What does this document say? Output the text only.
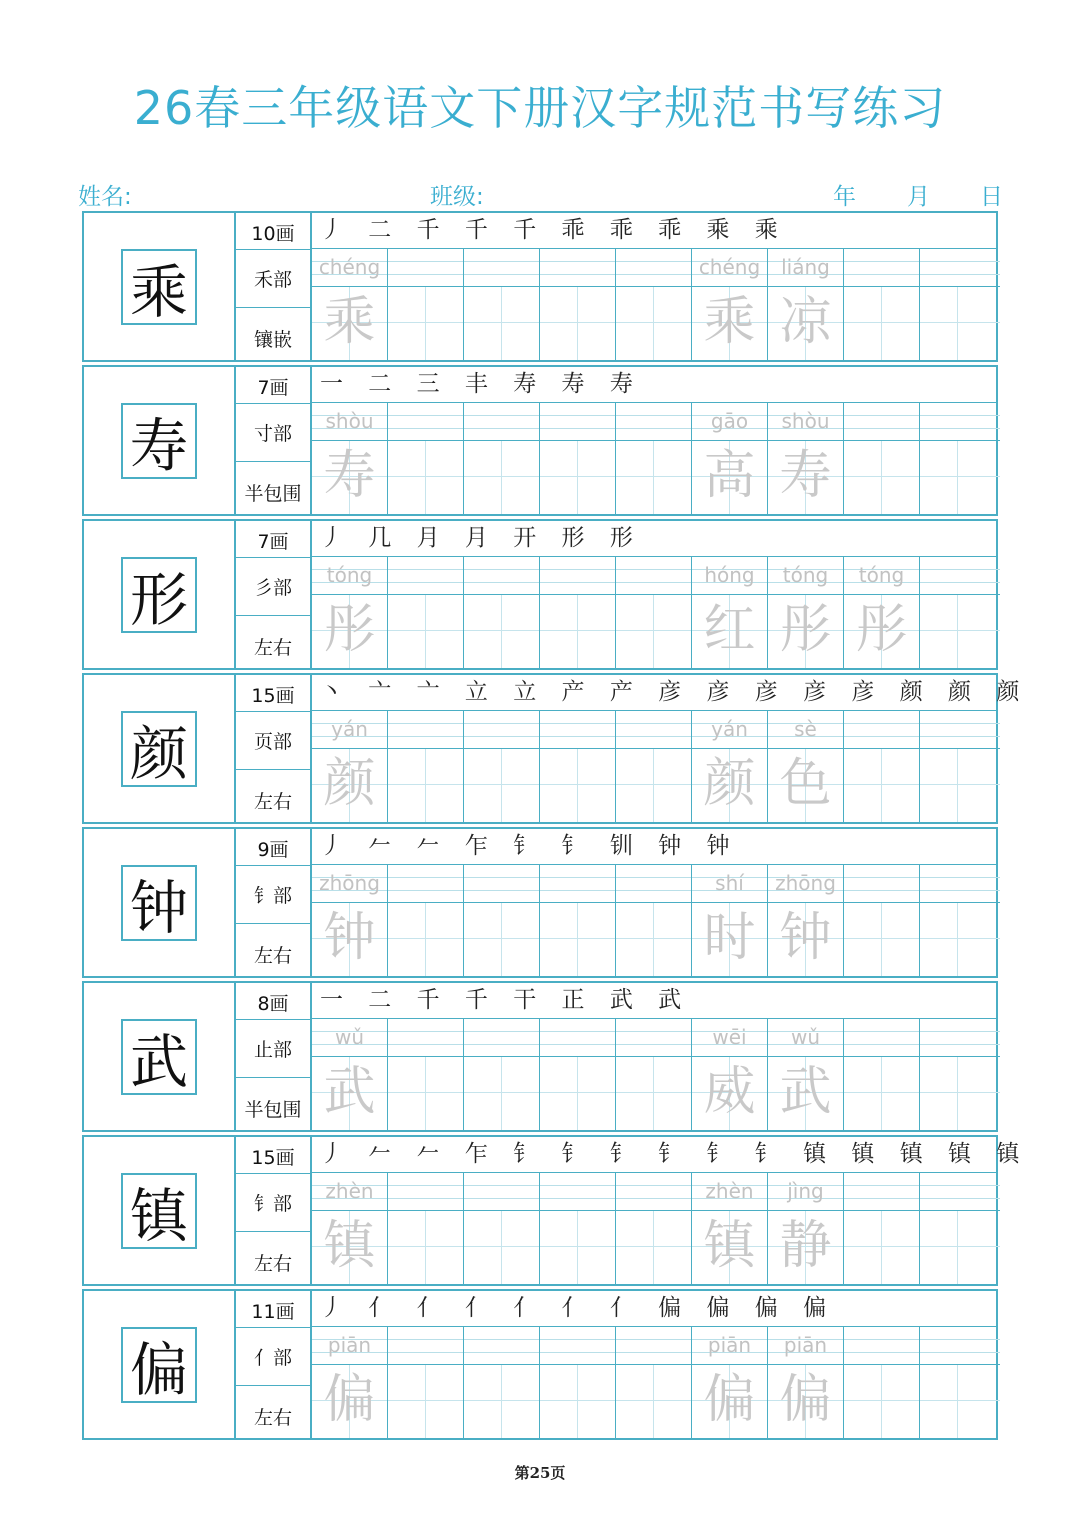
26春三年级语文下册汉字规范书写练习
姓名:	班级:	年 月 日
乘
10画
禾部
镶嵌
丿 ⼆ 千 千 千 乖 乖 乖 乘 乘
chéng
乘
chéng
乘
liáng
凉
寿
7画
寸部
半包围
一 二 三 丰 寿 寿 寿
shòu
寿
gāo
高
shòu
寿
形
7画
彡部
左右
丿 几 月 月 开 形 形
tóng
彤
hóng
红
tóng
彤
tóng
彤
颜
15画
页部
左右
丶 亠 亠 立 立 产 产 彦 彦 彦 彦 彦 颜 颜 颜
yán
颜
yán
颜
sè
色
钟
9画
钅部
左右
丿 𠂉 𠂉 乍 钅 钅 钏 钟 钟
zhōng
钟
shí
时
zhōng
钟
武
8画
止部
半包围
一 二 千 千 干 正 武 武
wǔ
武
wēi
威
wǔ
武
镇
15画
钅部
左右
丿 𠂉 𠂉 乍 钅 钅 钅 钅 钅 钅 镇 镇 镇 镇 镇
zhèn
镇
zhèn
镇
jìng
静
偏
11画
亻部
左右
丿 亻 亻 亻 亻 亻 亻 偏 偏 偏 偏
piān
偏
piān
偏
piān
偏
第25页
